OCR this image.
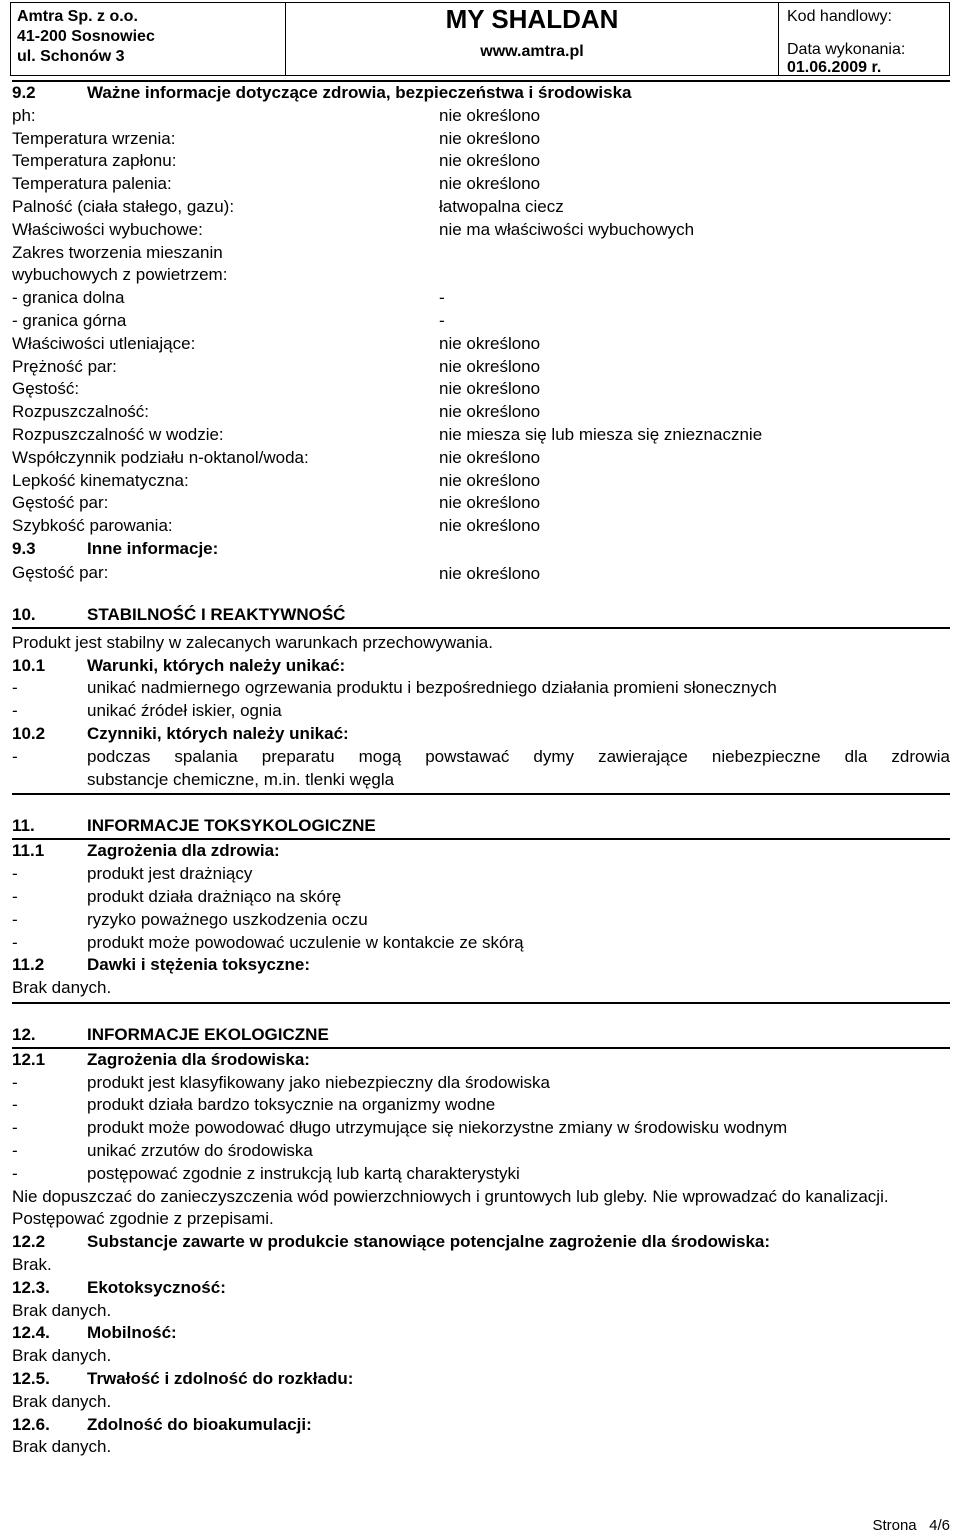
Amtra Sp. z o.o.
41-200 Sosnowiec
ul. Schonów 3
MY SHALDAN
www.amtra.pl
Kod handlowy:
Data wykonania:
01.06.2009 r.
9.2	Ważne informacje dotyczące zdrowia, bezpieczeństwa i środowiska
ph:	nie określono
Temperatura wrzenia:	nie określono
Temperatura zapłonu:	nie określono
Temperatura palenia:	nie określono
Palność (ciała stałego, gazu):	łatwopalna ciecz
Właściwości wybuchowe:	nie ma właściwości wybuchowych
Zakres tworzenia mieszanin
wybuchowych z powietrzem:
- granica dolna	-
- granica górna	-
Właściwości utleniające:	nie określono
Prężność par:	nie określono
Gęstość:	nie określono
Rozpuszczalność:	nie określono
Rozpuszczalność w wodzie:	nie miesza się lub miesza się znieznacznie
Współczynnik podziału n-oktanol/woda:	nie określono
Lepkość kinematyczna:	nie określono
Gęstość par:	nie określono
Szybkość parowania:	nie określono
9.3	Inne informacje:
Gęstość par:	nie określono
10.	STABILNOŚĆ I REAKTYWNOŚĆ
Produkt jest stabilny w zalecanych warunkach przechowywania.
10.1 Warunki, których należy unikać:
-	unikać nadmiernego ogrzewania produktu i bezpośredniego działania promieni słonecznych
-	unikać źródeł iskier, ognia
10.2 Czynniki, których należy unikać:
-	podczas spalania preparatu mogą powstawać dymy zawierające niebezpieczne dla zdrowia
substancje chemiczne, m.in. tlenki węgla
11.	INFORMACJE TOKSYKOLOGICZNE
11.1	Zagrożenia dla zdrowia:
-	produkt jest drażniący
-	produkt działa drażniąco na skórę
-	ryzyko poważnego uszkodzenia oczu
-	produkt może powodować uczulenie w kontakcie ze skórą
11.2	Dawki i stężenia toksyczne:
Brak danych.
12.	INFORMACJE EKOLOGICZNE
12.1 Zagrożenia dla środowiska:
-	produkt jest klasyfikowany jako niebezpieczny dla środowiska
-	produkt działa bardzo toksycznie na organizmy wodne
-	produkt może powodować długo utrzymujące się niekorzystne zmiany w środowisku wodnym
-	unikać zrzutów do środowiska
-	postępować zgodnie z instrukcją lub kartą charakterystyki
Nie dopuszczać do zanieczyszczenia wód powierzchniowych i gruntowych lub gleby. Nie wprowadzać do kanalizacji. Postępować zgodnie z przepisami.
12.2 Substancje zawarte w produkcie stanowiące potencjalne zagrożenie dla środowiska:
Brak.
12.3. Ekotoksyczność:
Brak danych.
12.4. Mobilność:
Brak danych.
12.5. Trwałość i zdolność do rozkładu:
Brak danych.
12.6. Zdolność do bioakumulacji:
Brak danych.
Strona   4/6
